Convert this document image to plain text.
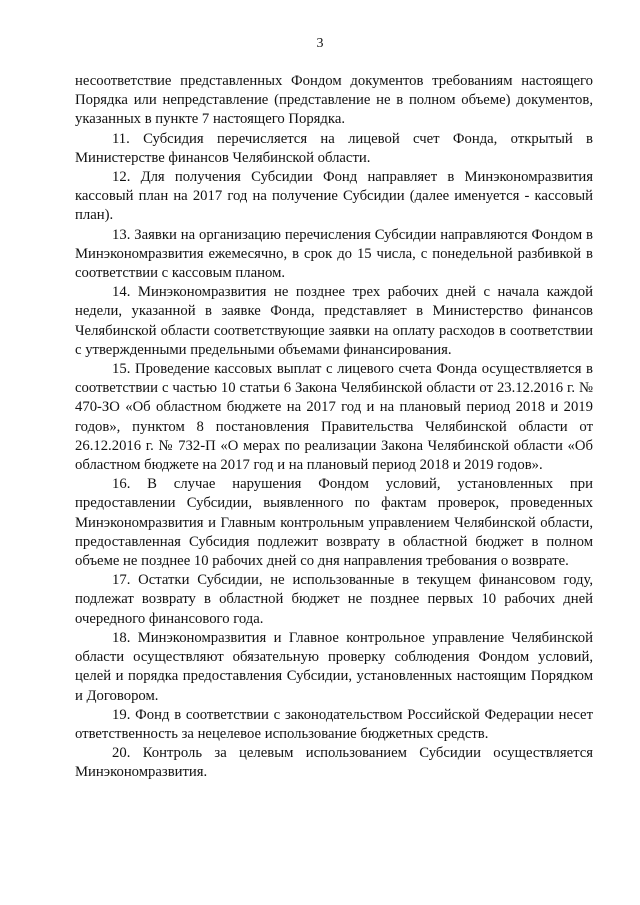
3

несоответствие представленных Фондом документов требованиям настоящего Порядка или непредставление (представление не в полном объеме) документов, указанных в пункте 7 настоящего Порядка.

11. Субсидия перечисляется на лицевой счет Фонда, открытый в Министерстве финансов Челябинской области.

12. Для получения Субсидии Фонд направляет в Минэкономразвития кассовый план на 2017 год на получение Субсидии (далее именуется - кассовый план).

13. Заявки на организацию перечисления Субсидии направляются Фондом в Минэкономразвития ежемесячно, в срок до 15 числа, с понедельной разбивкой в соответствии с кассовым планом.

14. Минэкономразвития не позднее трех рабочих дней с начала каждой недели, указанной в заявке Фонда, представляет в Министерство финансов Челябинской области соответствующие заявки на оплату расходов в соответствии с утвержденными предельными объемами финансирования.

15. Проведение кассовых выплат с лицевого счета Фонда осуществляется в соответствии с частью 10 статьи 6 Закона Челябинской области от 23.12.2016 г. № 470-ЗО «Об областном бюджете на 2017 год и на плановый период 2018 и 2019 годов», пунктом 8 постановления Правительства Челябинской области от 26.12.2016 г. № 732-П «О мерах по реализации Закона Челябинской области «Об областном бюджете на 2017 год и на плановый период 2018 и 2019 годов».

16. В случае нарушения Фондом условий, установленных при предоставлении Субсидии, выявленного по фактам проверок, проведенных Минэкономразвития и Главным контрольным управлением Челябинской области, предоставленная Субсидия подлежит возврату в областной бюджет в полном объеме не позднее 10 рабочих дней со дня направления требования о возврате.

17. Остатки Субсидии, не использованные в текущем финансовом году, подлежат возврату в областной бюджет не позднее первых 10 рабочих дней очередного финансового года.

18. Минэкономразвития и Главное контрольное управление Челябинской области осуществляют обязательную проверку соблюдения Фондом условий, целей и порядка предоставления Субсидии, установленных настоящим Порядком и Договором.

19. Фонд в соответствии с законодательством Российской Федерации несет ответственность за нецелевое использование бюджетных средств.

20. Контроль за целевым использованием Субсидии осуществляется Минэкономразвития.
